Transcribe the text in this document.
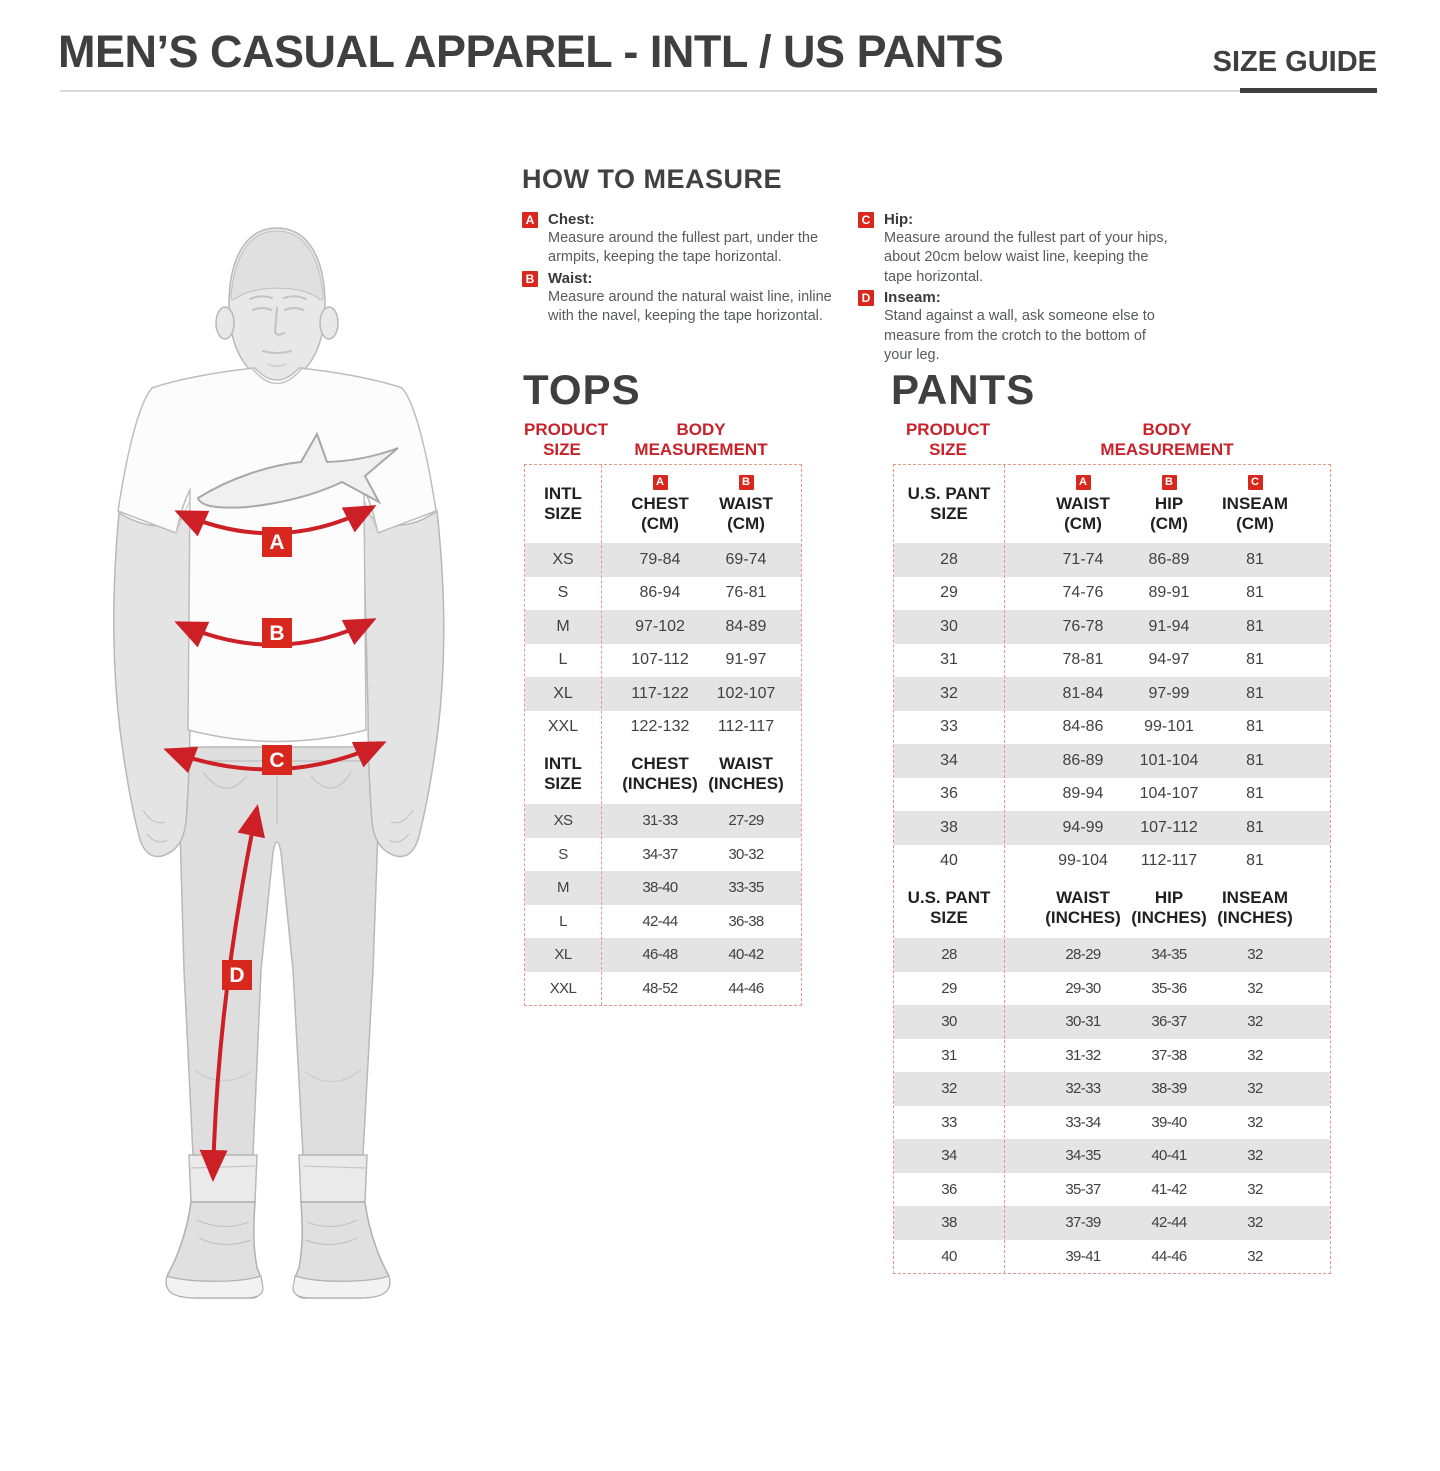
MEN’S CASUAL APPAREL - INTL / US PANTS	SIZE GUIDE
A
B
C
D
HOW TO MEASURE
A Chest:
Measure around the fullest part, under the armpits, keeping the tape horizontal.
B Waist:
Measure around the natural waist line, inline with the navel, keeping the tape horizontal.
C Hip:
Measure around the fullest part of your hips, about 20cm below waist line, keeping the tape horizontal.
D Inseam:
Stand against a wall, ask someone else to measure from the crotch to the bottom of your leg.
TOPS
PRODUCT SIZE
BODY MEASUREMENT
INTL SIZE
A
CHEST
(CM)
B
WAIST
(CM)
XS	79-84	69-74
S	86-94	76-81
M	97-102	84-89
L	107-112	91-97
XL	117-122	102-107
XXL	122-132	112-117
INTL SIZE
CHEST
(INCHES)
WAIST
(INCHES)
XS	31-33	27-29
S	34-37	30-32
M	38-40	33-35
L	42-44	36-38
XL	46-48	40-42
XXL	48-52	44-46
PANTS
PRODUCT SIZE
BODY MEASUREMENT
U.S. PANT SIZE
A
WAIST
(CM)
B
HIP
(CM)
C
INSEAM
(CM)
28	71-74	86-89	81
29	74-76	89-91	81
30	76-78	91-94	81
31	78-81	94-97	81
32	81-84	97-99	81
33	84-86	99-101	81
34	86-89	101-104	81
36	89-94	104-107	81
38	94-99	107-112	81
40	99-104	112-117	81
U.S. PANT SIZE
WAIST
(INCHES)
HIP
(INCHES)
INSEAM
(INCHES)
28	28-29	34-35	32
29	29-30	35-36	32
30	30-31	36-37	32
31	31-32	37-38	32
32	32-33	38-39	32
33	33-34	39-40	32
34	34-35	40-41	32
36	35-37	41-42	32
38	37-39	42-44	32
40	39-41	44-46	32
